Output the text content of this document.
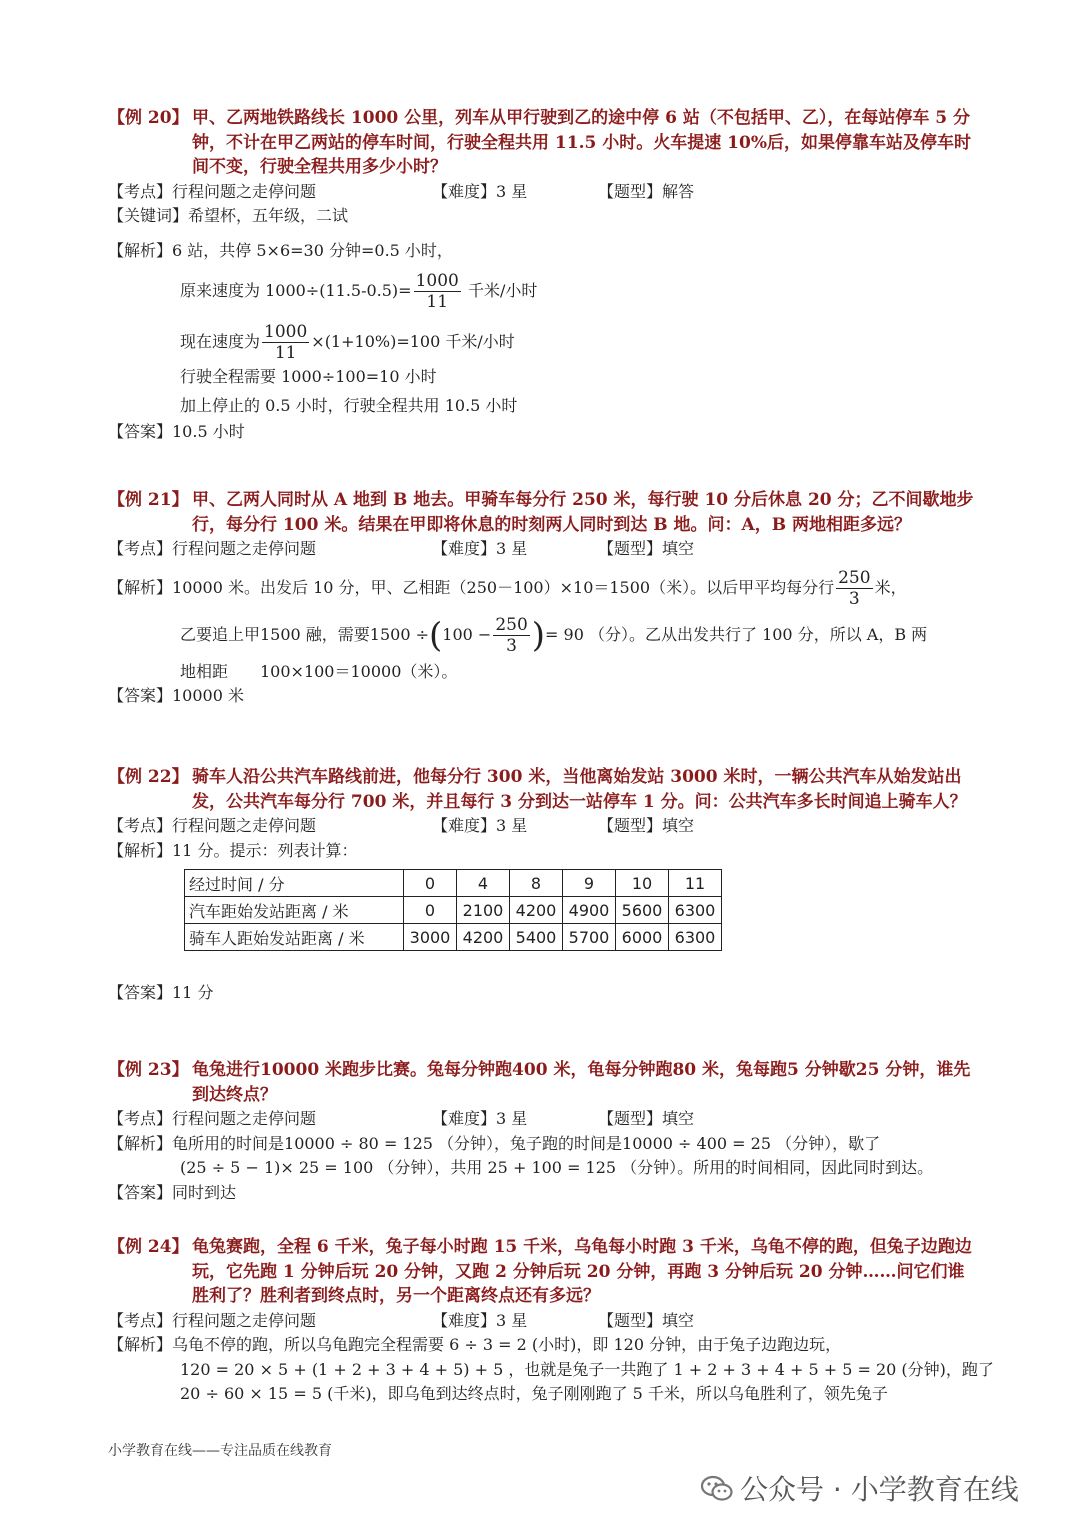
【例 20】 甲、乙两地铁路线长 1000 公里，列车从甲行驶到乙的途中停 6 站（不包括甲、乙），在每站停车 5 分钟，不计在甲乙两站的停车时间，行驶全程共用 11.5 小时。火车提速 10%后，如果停靠车站及停车时间不变，行驶全程共用多少小时？
【考点】行程问题之走停问题	【难度】3 星	【题型】解答
【关键词】希望杯，五年级，二试
【解析】6 站，共停 5×6=30 分钟=0.5 小时，
原来速度为 $1000\div(11.5-0.5)= \frac{1000}{11}$ 千米/小时
现在速度为 $\frac{1000}{11} \times(1+10\%)=100$ 千米/小时
行驶全程需要 1000÷100=10 小时
加上停止的 0.5 小时，行驶全程共用 10.5 小时
【答案】10.5 小时
【例 21】 甲、乙两人同时从 A 地到 B 地去。甲骑车每分行 250 米，每行驶 10 分后休息 20 分；乙不间歇地步行，每分行 100 米。结果在甲即将休息的时刻两人同时到达 B 地。问：A，B 两地相距多远？
【考点】行程问题之走停问题	【难度】3 星	【题型】填空
【解析】10000 米。出发后 10 分，甲、乙相距（250－100）×10＝1500（米）。以后甲平均每分行 $\frac{250}{3}$ 米，
乙要追上甲1500 融，需要$1500 \div(100 - \frac{250}{3}$ )= 90 （分）。乙从出发共行了 100 分，所以 A，B 两
地相距　　100×100＝10000（米）。
【答案】10000 米
【例 22】 骑车人沿公共汽车路线前进，他每分行 300 米，当他离始发站 3000 米时，一辆公共汽车从始发站出发，公共汽车每分行 700 米，并且每行 3 分到达一站停车 1 分。问：公共汽车多长时间追上骑车人？
【考点】行程问题之走停问题	【难度】3 星	【题型】填空
【解析】11 分。提示：列表计算：
经过时间 / 分	0	4	8	9	10	11
汽车距始发站距离 / 米	0	2100	4200	4900	5600	6300
骑车人距始发站距离 / 米	3000	4200	5400	5700	6000	6300
【答案】11 分
【例 23】 龟兔进行10000 米跑步比赛。兔每分钟跑400 米，龟每分钟跑80 米，兔每跑5 分钟歇25 分钟，谁先到达终点？
【考点】行程问题之走停问题	【难度】3 星	【题型】填空
【解析】龟所用的时间是10000 ÷ 80 = 125 （分钟），兔子跑的时间是10000 ÷ 400 = 25 （分钟），歇了
(25 ÷ 5 − 1)× 25 = 100 （分钟），共用 25 + 100 = 125 （分钟）。所用的时间相同，因此同时到达。
【答案】同时到达
【例 24】 龟兔赛跑，全程 6 千米，兔子每小时跑 15 千米，乌龟每小时跑 3 千米，乌龟不停的跑，但兔子边跑边玩，它先跑 1 分钟后玩 20 分钟，又跑 2 分钟后玩 20 分钟，再跑 3 分钟后玩 20 分钟……问它们谁胜利了？胜利者到终点时，另一个距离终点还有多远？
【考点】行程问题之走停问题	【难度】3 星	【题型】填空
【解析】乌龟不停的跑，所以乌龟跑完全程需要 6 ÷ 3 = 2 (小时)，即 120 分钟，由于兔子边跑边玩，
120 = 20 × 5 + (1 + 2 + 3 + 4 + 5) + 5 ，也就是兔子一共跑了 1 + 2 + 3 + 4 + 5 + 5 = 20 (分钟)，跑了
20 ÷ 60 × 15 = 5 (千米)，即乌龟到达终点时，兔子刚刚跑了 5 千米，所以乌龟胜利了，领先兔子
小学教育在线——专注品质在线教育
公众号 · 小学教育在线
